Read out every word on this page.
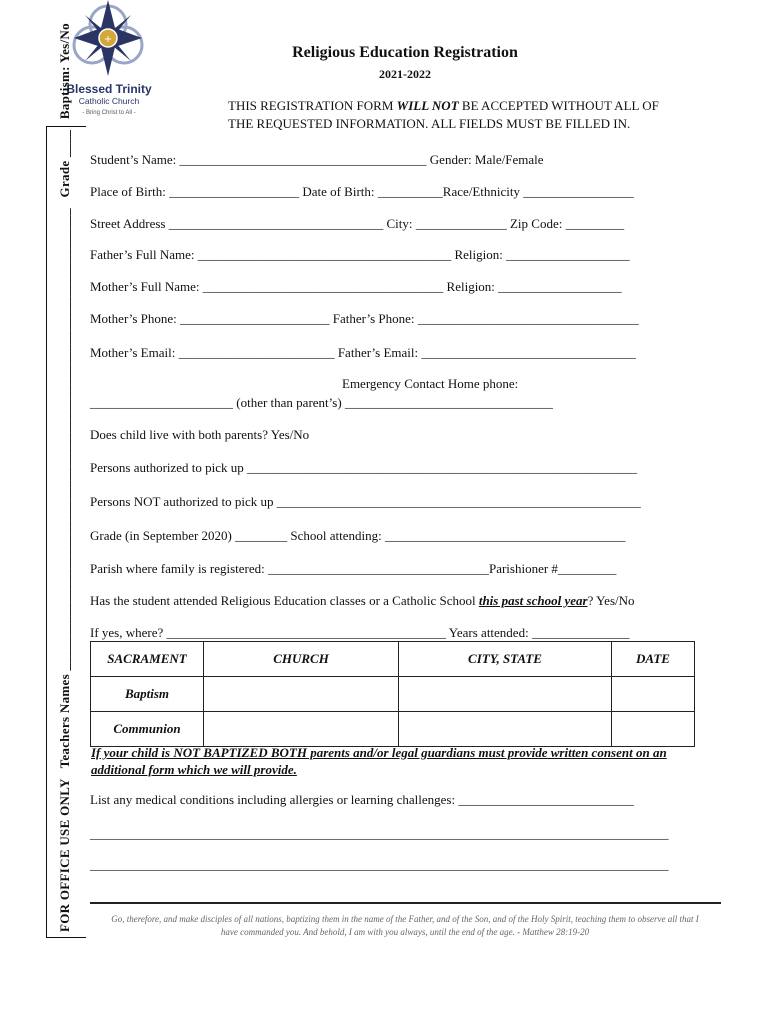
+
Blessed Trinity
Catholic Church
- Bring Christ to All -
Religious Education Registration
2021-2022
THIS REGISTRATION FORM WILL NOT BE ACCEPTED WITHOUT ALL OF
THE REQUESTED INFORMATION. ALL FIELDS MUST BE FILLED IN.
FOR OFFICE USE ONLY   Teachers Names ____________________________________________________________________   Grade ____   Baptism: Yes/No Student’s Name: ______________________________________ Gender: Male/Female
Place of Birth: ____________________ Date of Birth: __________Race/Ethnicity _________________
Street Address _________________________________ City: ______________ Zip Code: _________
Father’s Full Name: _______________________________________ Religion: ___________________
Mother’s Full Name: _____________________________________ Religion: ___________________
Mother’s Phone: _______________________ Father’s Phone: __________________________________
Mother’s Email: ________________________ Father’s Email: _________________________________
Emergency Contact Home phone:
______________________ (other than parent’s) ________________________________
Does child live with both parents? Yes/No
Persons authorized to pick up ____________________________________________________________
Persons NOT authorized to pick up ________________________________________________________
Grade (in September 2020) ________ School attending: _____________________________________
Parish where family is registered: __________________________________Parishioner #_________
Has the student attended Religious Education classes or a Catholic School this past school year? Yes/No
If yes, where? ___________________________________________ Years attended: _______________
SACRAMENT	CHURCH	CITY, STATE	DATE
Baptism			
Communion			
If your child is NOT BAPTIZED BOTH parents and/or legal guardians must provide written consent on an additional form which we will provide.
List any medical conditions including allergies or learning challenges: ___________________________
_________________________________________________________________________________________
_________________________________________________________________________________________
Go, therefore, and make disciples of all nations, baptizing them in the name of the Father, and of the Son, and of the Holy Spirit, teaching them to observe all that I have commanded you. And behold, I am with you always, until the end of the age. - Matthew 28:19-20
